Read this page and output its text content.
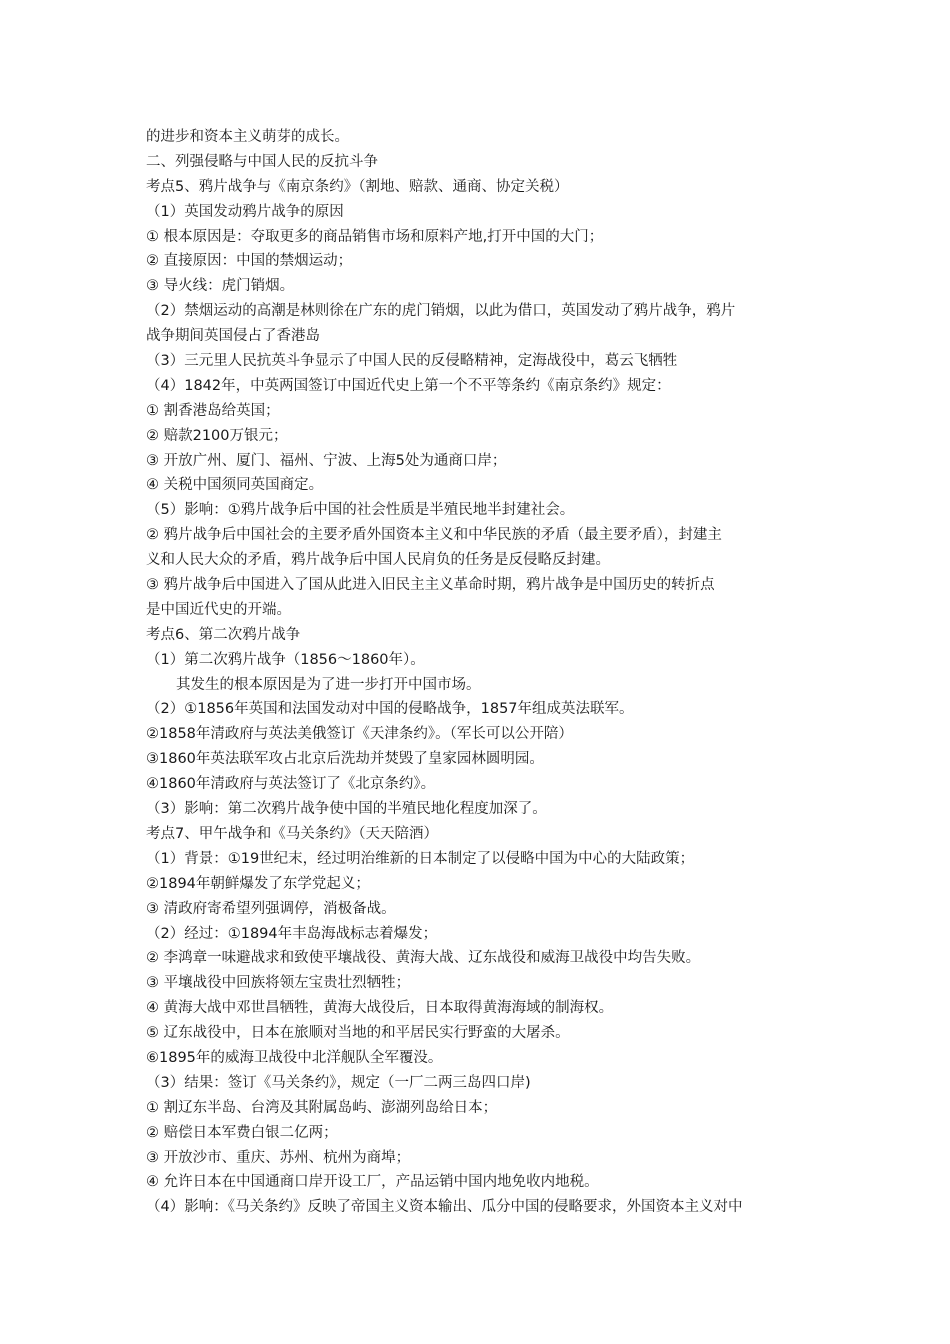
的进步和资本主义萌芽的成长。
二、列强侵略与中国人民的反抗斗争
考点5、鸦片战争与《南京条约》（割地、赔款、通商、协定关税）
（1）英国发动鸦片战争的原因
① 根本原因是：夺取更多的商品销售市场和原料产地,打开中国的大门；
② 直接原因：中国的禁烟运动；
③ 导火线：虎门销烟。
（2）禁烟运动的高潮是林则徐在广东的虎门销烟，以此为借口，英国发动了鸦片战争，鸦片
战争期间英国侵占了香港岛
（3）三元里人民抗英斗争显示了中国人民的反侵略精神，定海战役中，葛云飞牺牲
（4）1842年，中英两国签订中国近代史上第一个不平等条约《南京条约》规定：
① 割香港岛给英国；
② 赔款2100万银元；
③ 开放广州、厦门、福州、宁波、上海5处为通商口岸；
④ 关税中国须同英国商定。
（5）影响：①鸦片战争后中国的社会性质是半殖民地半封建社会。
② 鸦片战争后中国社会的主要矛盾外国资本主义和中华民族的矛盾（最主要矛盾），封建主
义和人民大众的矛盾，鸦片战争后中国人民肩负的任务是反侵略反封建。
③ 鸦片战争后中国进入了国从此进入旧民主主义革命时期，鸦片战争是中国历史的转折点
是中国近代史的开端。
考点6、第二次鸦片战争
（1）第二次鸦片战争（1856～1860年）。
其发生的根本原因是为了进一步打开中国市场。
（2）①1856年英国和法国发动对中国的侵略战争，1857年组成英法联军。
②1858年清政府与英法美俄签订《天津条约》。（军长可以公开陪）
③1860年英法联军攻占北京后洗劫并焚毁了皇家园林圆明园。
④1860年清政府与英法签订了《北京条约》。
（3）影响：第二次鸦片战争使中国的半殖民地化程度加深了。
考点7、甲午战争和《马关条约》（天天陪酒）
（1）背景：①19世纪末，经过明治维新的日本制定了以侵略中国为中心的大陆政策；
②1894年朝鲜爆发了东学党起义；
③ 清政府寄希望列强调停，消极备战。
（2）经过：①1894年丰岛海战标志着爆发；
② 李鸿章一味避战求和致使平壤战役、黄海大战、辽东战役和威海卫战役中均告失败。
③ 平壤战役中回族将领左宝贵壮烈牺牲；
④ 黄海大战中邓世昌牺牲，黄海大战役后，日本取得黄海海域的制海权。
⑤ 辽东战役中，日本在旅顺对当地的和平居民实行野蛮的大屠杀。
⑥1895年的威海卫战役中北洋舰队全军覆没。
（3）结果：签订《马关条约》，规定（一厂二两三岛四口岸)
① 割辽东半岛、台湾及其附属岛屿、澎湖列岛给日本；
② 赔偿日本军费白银二亿两；
③ 开放沙市、重庆、苏州、杭州为商埠；
④ 允许日本在中国通商口岸开设工厂，产品运销中国内地免收内地税。
（4）影响：《马关条约》反映了帝国主义资本输出、瓜分中国的侵略要求，外国资本主义对中
